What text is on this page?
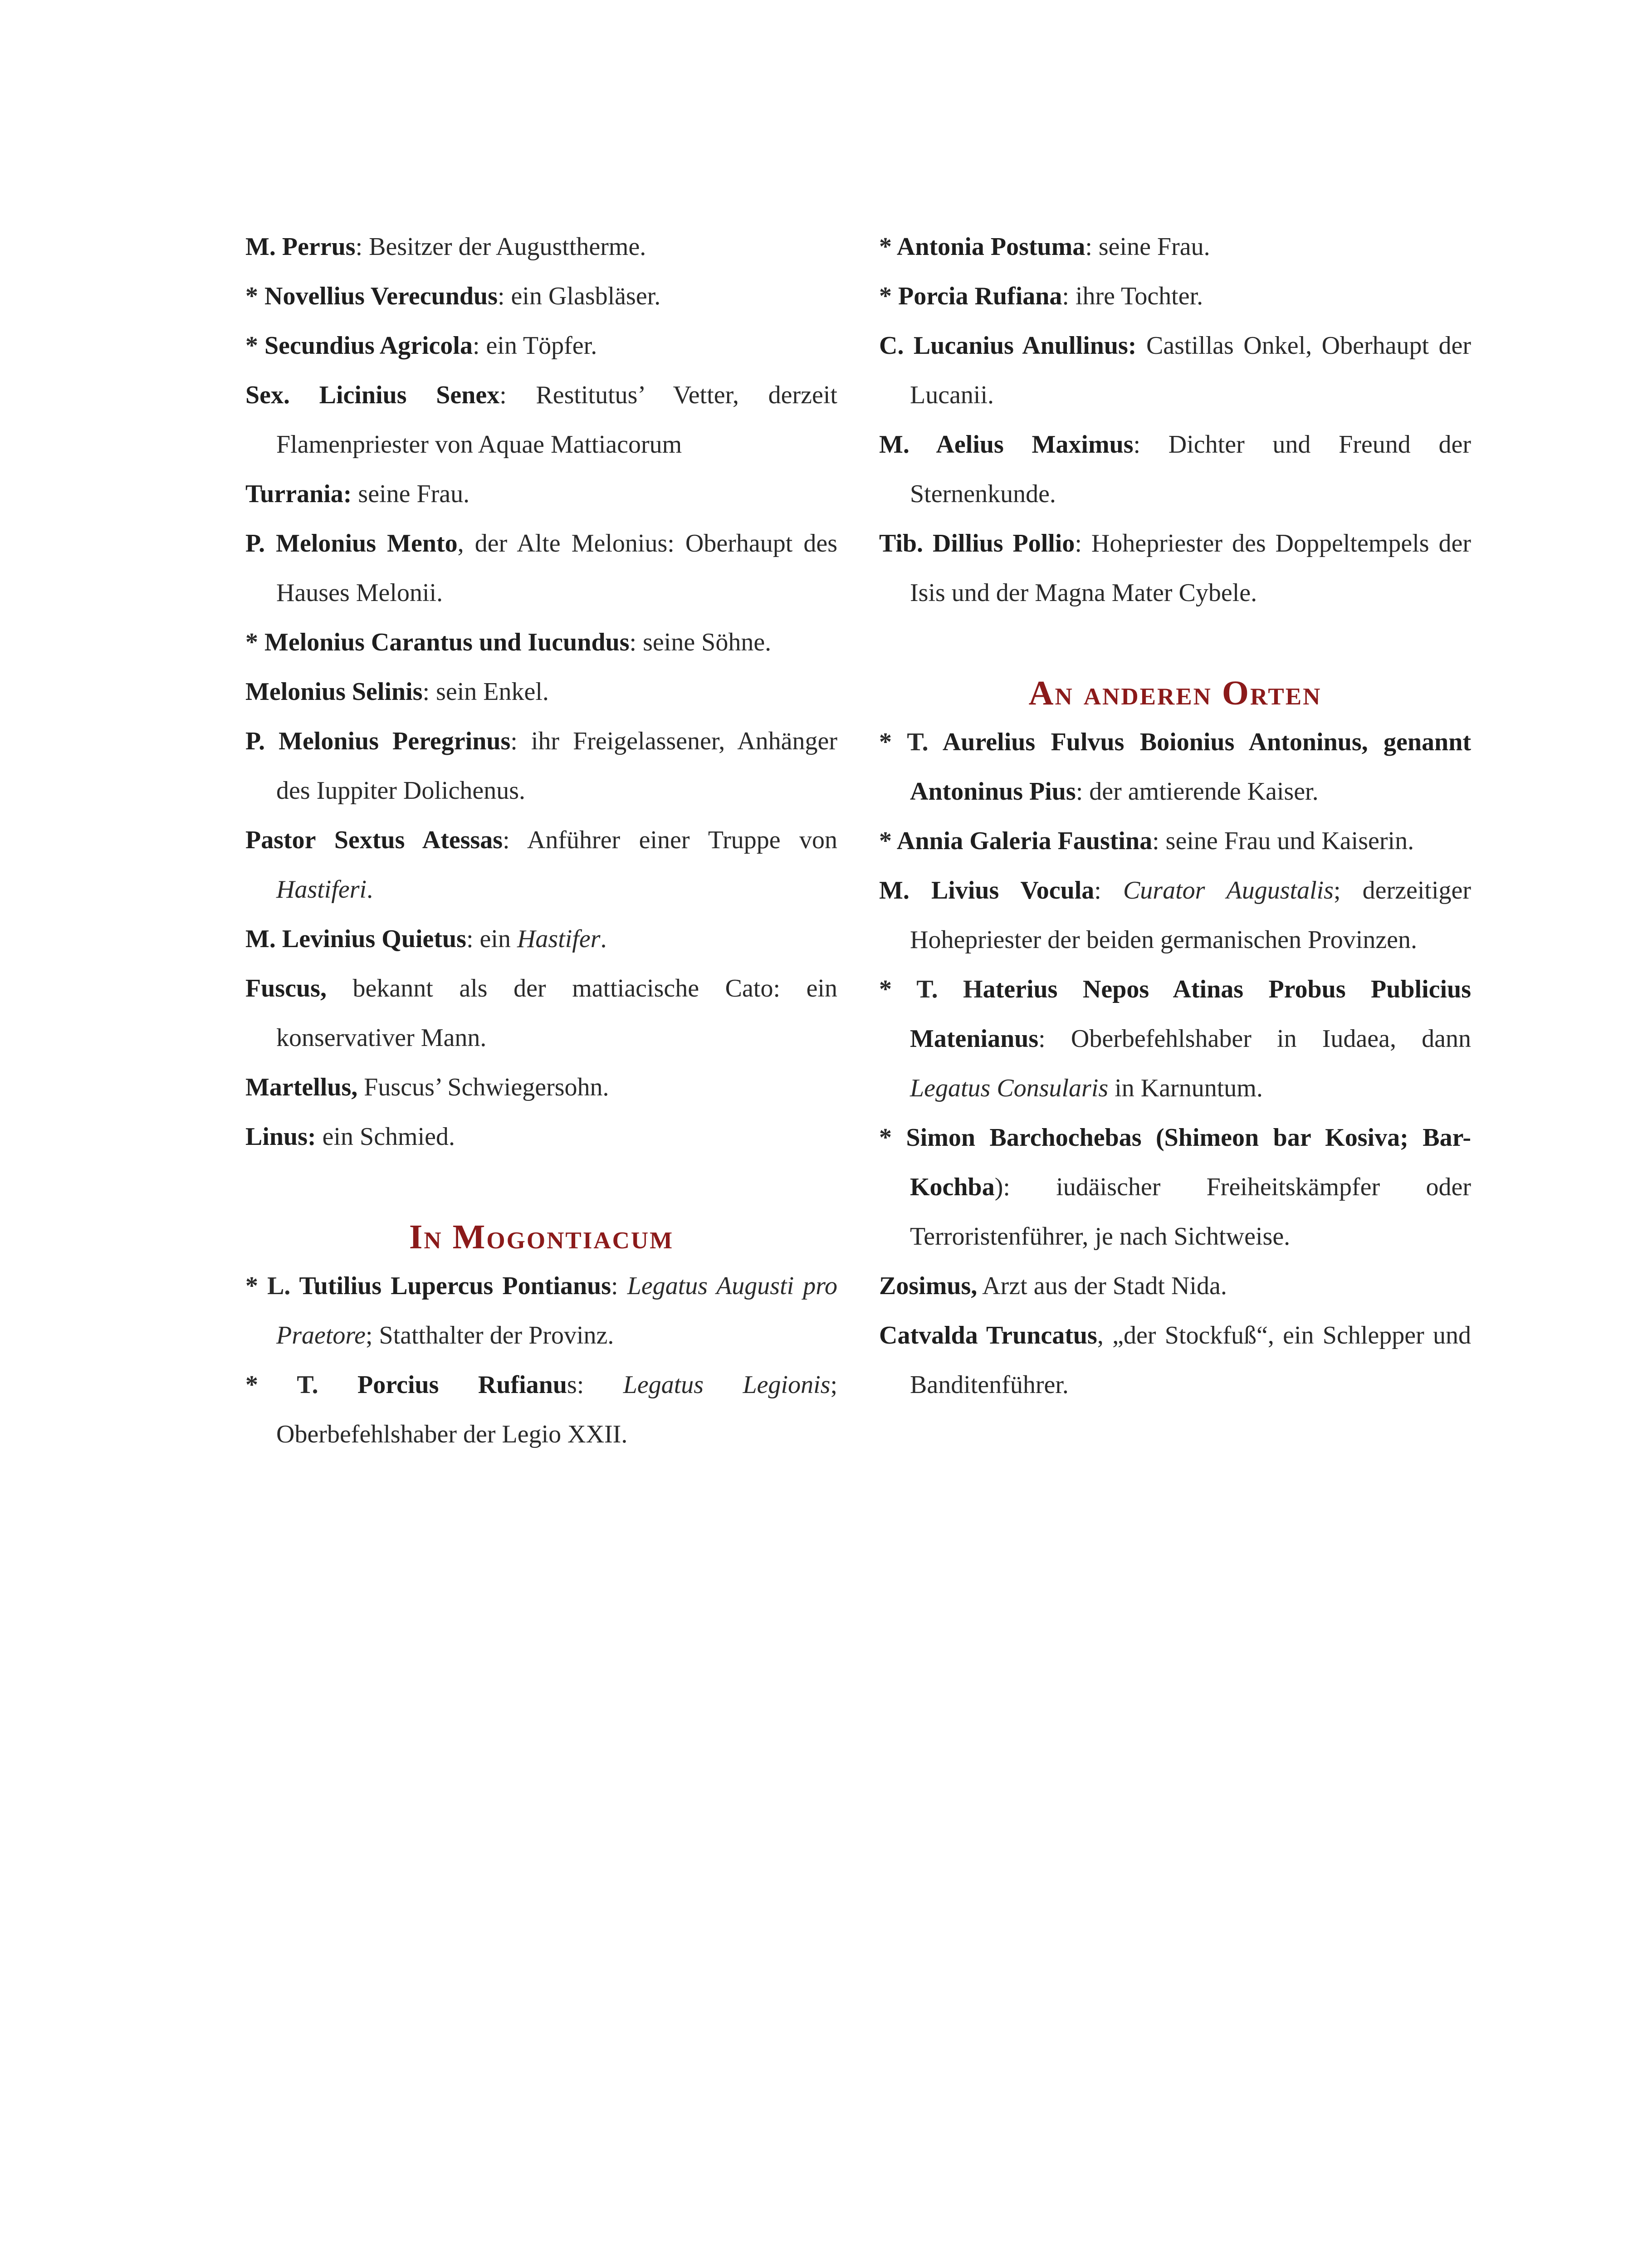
M. Perrus: Besitzer der Augusttherme.

* Novellius Verecundus: ein Glasbläser.

* Secundius Agricola: ein Töpfer.

Sex. Licinius Senex: Restitutus’ Vetter, derzeit Flamenpriester von Aquae Mattiacorum

Turrania: seine Frau.

P. Melonius Mento, der Alte Melonius: Oberhaupt des Hauses Melonii.

* Melonius Carantus und Iucundus: seine Söhne.

Melonius Selinis: sein Enkel.

P. Melonius Peregrinus: ihr Freigelassener, Anhänger des Iuppiter Dolichenus.

Pastor Sextus Atessas: Anführer einer Truppe von Hastiferi.

M. Levinius Quietus: ein Hastifer.

Fuscus, bekannt als der mattiacische Cato: ein konservativer Mann.

Martellus, Fuscus’ Schwiegersohn.

Linus: ein Schmied.

In Mogontiacum

* L. Tutilius Lupercus Pontianus: Legatus Augusti pro Praetore; Statthalter der Provinz.

* T. Porcius Rufianus: Legatus Legionis; Oberbefehlshaber der Legio XXII.

* Antonia Postuma: seine Frau.

* Porcia Rufiana: ihre Tochter.

C. Lucanius Anullinus: Castillas Onkel, Oberhaupt der Lucanii.

M. Aelius Maximus: Dichter und Freund der Sternenkunde.

Tib. Dillius Pollio: Hohepriester des Doppeltempels der Isis und der Magna Mater Cybele.

An anderen Orten

* T. Aurelius Fulvus Boionius Antoninus, genannt Antoninus Pius: der amtierende Kaiser.

* Annia Galeria Faustina: seine Frau und Kaiserin.

M. Livius Vocula: Curator Augustalis; derzeitiger Hohepriester der beiden germanischen Provinzen.

* T. Haterius Nepos Atinas Probus Publicius Matenianus: Oberbefehlshaber in Iudaea, dann Legatus Consularis in Karnuntum.

* Simon Barchochebas (Shimeon bar Kosiva; Bar-Kochba): iudäischer Freiheitskämpfer oder Terroristenführer, je nach Sichtweise.

Zosimus, Arzt aus der Stadt Nida.

Catvalda Truncatus, „der Stockfuß“, ein Schlepper und Banditenführer.
